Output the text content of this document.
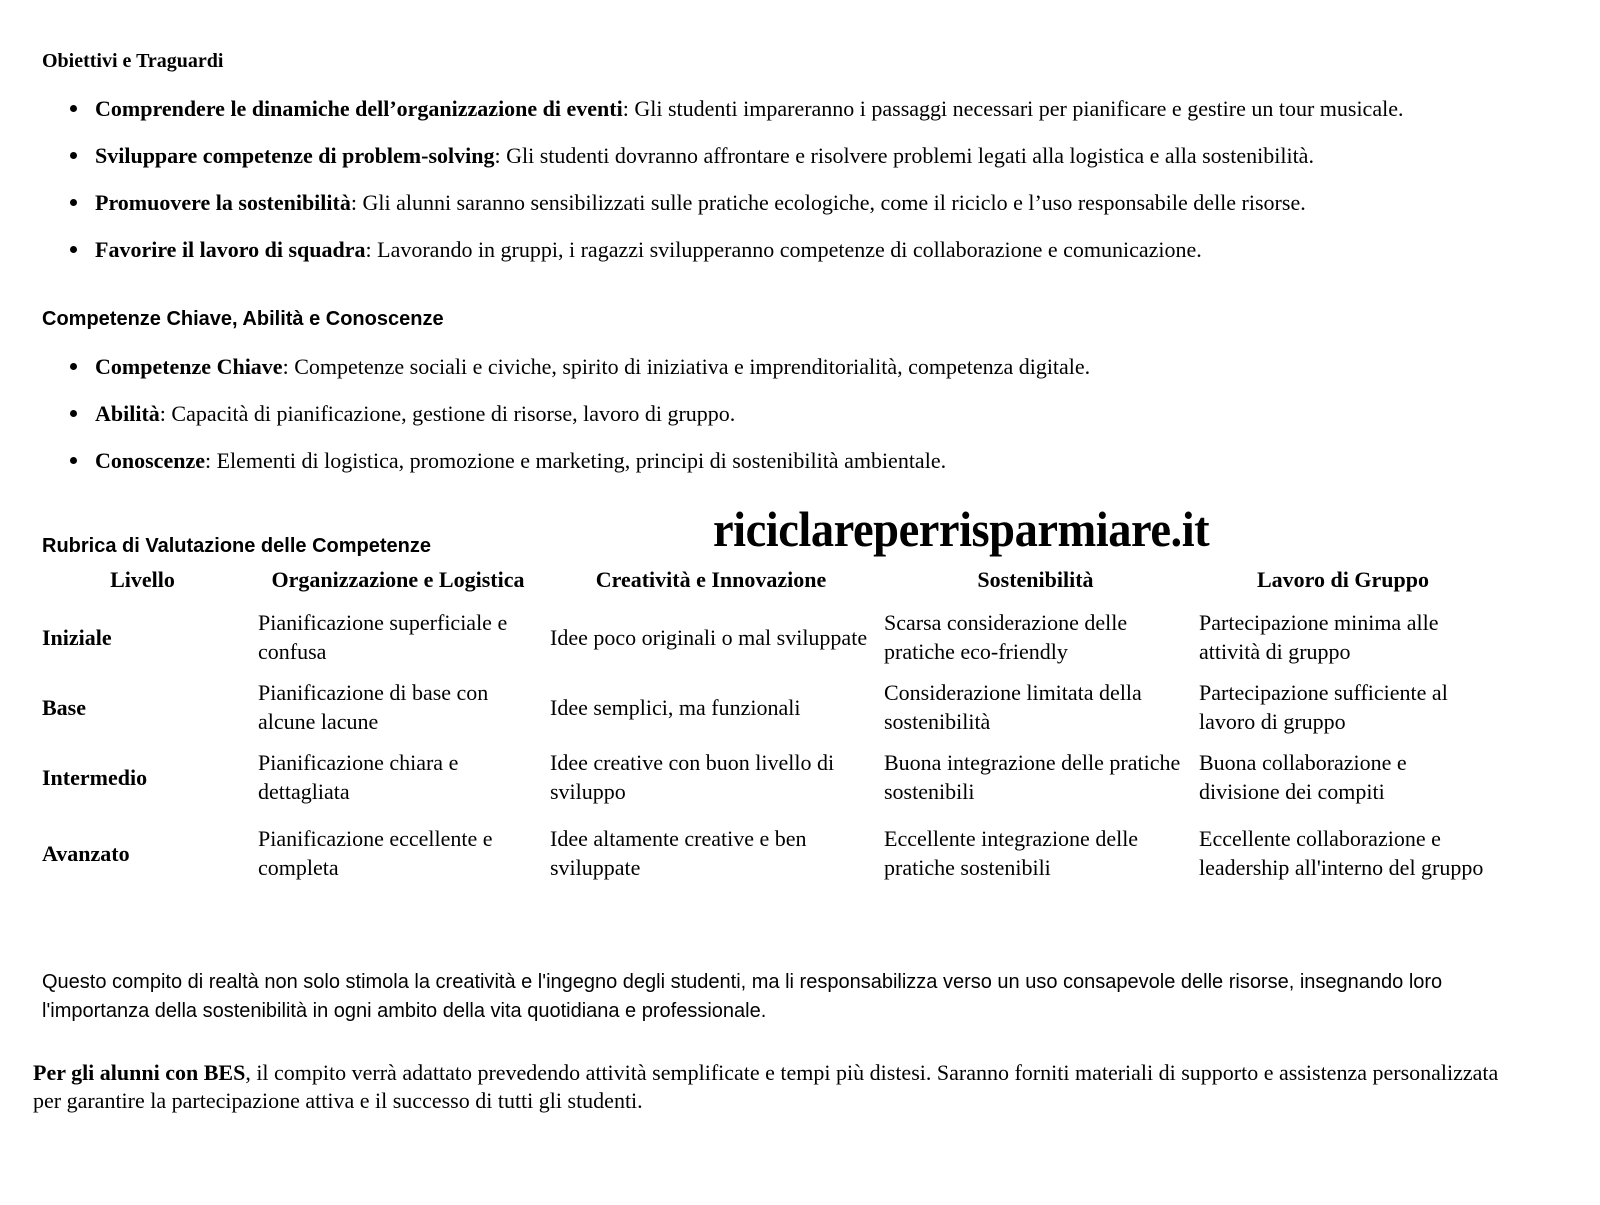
Obiettivi e Traguardi
Comprendere le dinamiche dell’organizzazione di eventi: Gli studenti impareranno i passaggi necessari per pianificare e gestire un tour musicale.
Sviluppare competenze di problem-solving: Gli studenti dovranno affrontare e risolvere problemi legati alla logistica e alla sostenibilità.
Promuovere la sostenibilità: Gli alunni saranno sensibilizzati sulle pratiche ecologiche, come il riciclo e l’uso responsabile delle risorse.
Favorire il lavoro di squadra: Lavorando in gruppi, i ragazzi svilupperanno competenze di collaborazione e comunicazione.
Competenze Chiave, Abilità e Conoscenze
Competenze Chiave: Competenze sociali e civiche, spirito di iniziativa e imprenditorialità, competenza digitale.
Abilità: Capacità di pianificazione, gestione di risorse, lavoro di gruppo.
Conoscenze: Elementi di logistica, promozione e marketing, principi di sostenibilità ambientale.
riciclareperrisparmiare.it
Rubrica di Valutazione delle Competenze
Livello	Organizzazione e Logistica	Creatività e Innovazione	Sostenibilità	Lavoro di Gruppo
Iniziale	Pianificazione superficiale e confusa	Idee poco originali o mal sviluppate	Scarsa considerazione delle pratiche eco-friendly	Partecipazione minima alle attività di gruppo
Base	Pianificazione di base con alcune lacune	Idee semplici, ma funzionali	Considerazione limitata della sostenibilità	Partecipazione sufficiente al lavoro di gruppo
Intermedio	Pianificazione chiara e dettagliata	Idee creative con buon livello di sviluppo	Buona integrazione delle pratiche sostenibili	Buona collaborazione e divisione dei compiti
Avanzato	Pianificazione eccellente e completa	Idee altamente creative e ben sviluppate	Eccellente integrazione delle pratiche sostenibili	Eccellente collaborazione e leadership all'interno del gruppo
Questo compito di realtà non solo stimola la creatività e l'ingegno degli studenti, ma li responsabilizza verso un uso consapevole delle risorse, insegnando loro l'importanza della sostenibilità in ogni ambito della vita quotidiana e professionale.
Per gli alunni con BES, il compito verrà adattato prevedendo attività semplificate e tempi più distesi. Saranno forniti materiali di supporto e assistenza personalizzata per garantire la partecipazione attiva e il successo di tutti gli studenti.
